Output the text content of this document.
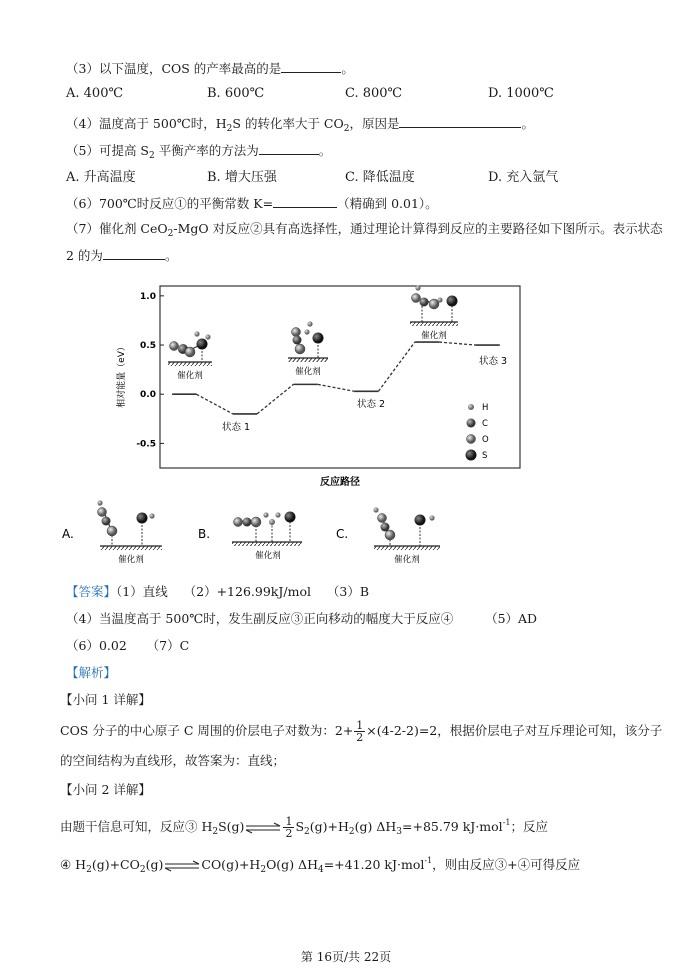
（3）以下温度，COS 的产率最高的是	。
A. 400℃	B. 600℃	C. 800℃	D. 1000℃
（4）温度高于 500℃时，$H_2S$ 的转化率大于 $CO_2$，原因是	。
（5）可提高 $S_2$ 平衡产率的方法为	。
A. 升高温度	B. 增大压强	C. 降低温度	D. 充入氩气
（6）700℃时反应①的平衡常数 K=	（精确到 0.01）。
（7）催化剂 CeO$_2$-MgO 对反应②具有高选择性，通过理论计算得到反应的主要路径如下图所示。表示状态
2 的为	。
1.0
0.5
0.0
-0.5
相对能量（eV）
反应路径
状态 1
状态 2
状态 3
H
C
O
S
催化剂	催化剂
催化剂
A.	B.	C.
催化剂	催化剂	催化剂
【答案】（1）直线 （2）+126.99kJ/mol （3）B
（4）当温度高于 500℃时，发生副反应③正向移动的幅度大于反应④	（5）AD
（6）0.02 （7）C
【解析】
【小问 1 详解】
COS 分子的中心原子 C 周围的价层电子对数为：$2+ \frac{1}{2} \times(4-2-2)=2$，根据价层电子对互斥理论可知，该分子
的空间结构为直线形，故答案为：直线；
【小问 2 详解】
由题干信息可知，反应③ $H_2S(g)\rightleftharpoons \frac{1}{2} S_2(g)+H_2(g)$ $\Delta H_3=+85.79$ kJ·mol$^{-1}$；反应
④ $H_2(g)+CO_2(g)\rightleftharpoons CO(g)+H_2O(g)$ $\Delta H_4=+41.20$ kJ·mol$^{-1}$，则由反应③+④可得反应
第 16页/共 22页
